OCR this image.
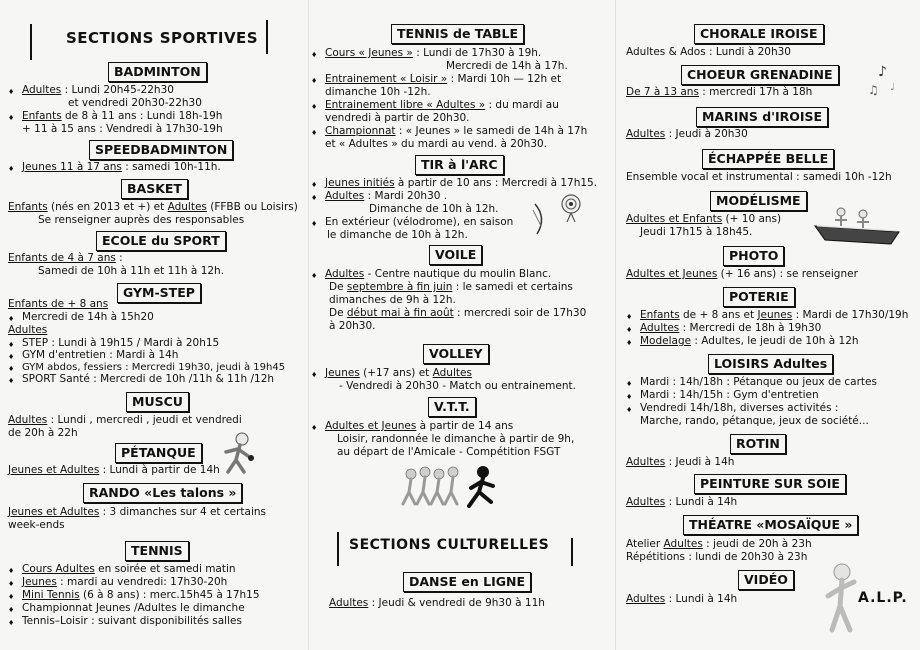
SECTIONS SPORTIVES
BADMINTON
♦ Adultes : Lundi 20h45-22h30
et vendredi 20h30-22h30
♦ Enfants de 8 à 11 ans : Lundi 18h-19h
+ 11 à 15 ans : Vendredi à 17h30-19h
SPEEDBADMINTON
♦ Jeunes 11 à 17 ans : samedi 10h-11h.
BASKET
Enfants (nés en 2013 et +) et Adultes (FFBB ou Loisirs)
Se renseigner auprès des responsables
ECOLE du SPORT
Enfants de 4 à 7 ans :
Samedi de 10h à 11h et 11h à 12h.
GYM-STEP
Enfants de + 8 ans
♦ Mercredi de 14h à 15h20
Adultes
♦ STEP : Lundi à 19h15 / Mardi à 20h15
♦ GYM d'entretien : Mardi à 14h
♦ GYM abdos, fessiers : Mercredi 19h30, jeudi à 19h45
♦ SPORT Santé : Mercredi de 10h /11h & 11h /12h
MUSCU
Adultes : Lundi , mercredi , jeudi et vendredi
de 20h à 22h
PÉTANQUE
Jeunes et Adultes : Lundi à partir de 14h
RANDO «Les talons »
Jeunes et Adultes : 3 dimanches sur 4 et certains
week-ends
TENNIS
♦ Cours Adultes en soirée et samedi matin
♦ Jeunes : mardi au vendredi: 17h30-20h
♦ Mini Tennis (6 à 8 ans) : merc.15h45 à 17h15
♦ Championnat Jeunes /Adultes le dimanche
♦ Tennis–Loisir : suivant disponibilités salles
TENNIS de TABLE
♦ Cours « Jeunes » : Lundi de 17h30 à 19h.
Mercredi de 14h à 17h.
♦ Entrainement « Loisir » : Mardi 10h — 12h et
dimanche 10h -12h.
♦ Entrainement libre « Adultes » : du mardi au
vendredi à partir de 20h30.
♦ Championnat : « Jeunes » le samedi de 14h à 17h
et « Adultes » du mardi au vend. à 20h30.
TIR à l'ARC
♦ Jeunes initiés à partir de 10 ans : Mercredi à 17h15.
♦ Adultes : Mardi 20h30 .
Dimanche de 10h à 12h.
♦ En extérieur (vélodrome), en saison
le dimanche de 10h à 12h.
VOILE
♦ Adultes - Centre nautique du moulin Blanc.
De septembre à fin juin : le samedi et certains
dimanches de 9h à 12h.
De début mai à fin août : mercredi soir de 17h30
à 20h30.
VOLLEY
♦ Jeunes (+17 ans) et Adultes
- Vendredi à 20h30 - Match ou entrainement.
V.T.T.
♦ Adultes et Jeunes à partir de 14 ans
Loisir, randonnée le dimanche à partir de 9h,
au départ de l'Amicale - Compétition FSGT
SECTIONS CULTURELLES
DANSE en LIGNE
Adultes : Jeudi & vendredi de 9h30 à 11h
CHORALE IROISE
Adultes & Ados : Lundi à 20h30
CHOEUR GRENADINE
De 7 à 13 ans : mercredi 17h à 18h
♪
♫ ♩
MARINS d'IROISE
Adultes : Jeudi à 20h30
ÉCHAPPÉE BELLE
Ensemble vocal et instrumental : samedi 10h -12h
MODÉLISME
Adultes et Enfants (+ 10 ans)
Jeudi 17h15 à 18h45.
PHOTO
Adultes et Jeunes (+ 16 ans) : se renseigner
POTERIE
♦ Enfants de + 8 ans et Jeunes : Mardi de 17h30/19h
♦ Adultes : Mercredi de 18h à 19h30
♦ Modelage : Adultes, le jeudi de 10h à 12h
LOISIRS Adultes
♦ Mardi : 14h/18h : Pétanque ou jeux de cartes
♦ Mardi : 14h/15h : Gym d'entretien
♦ Vendredi 14h/18h, diverses activités :
Marche, rando, pétanque, jeux de société...
ROTIN
Adultes : Jeudi à 14h
PEINTURE SUR SOIE
Adultes : Lundi à 14h
THÉATRE «MOSAÏQUE »
Atelier Adultes : jeudi de 20h à 23h
Répétitions : lundi de 20h30 à 23h
VIDÉO
Adultes : Lundi à 14h	A.L.P.
